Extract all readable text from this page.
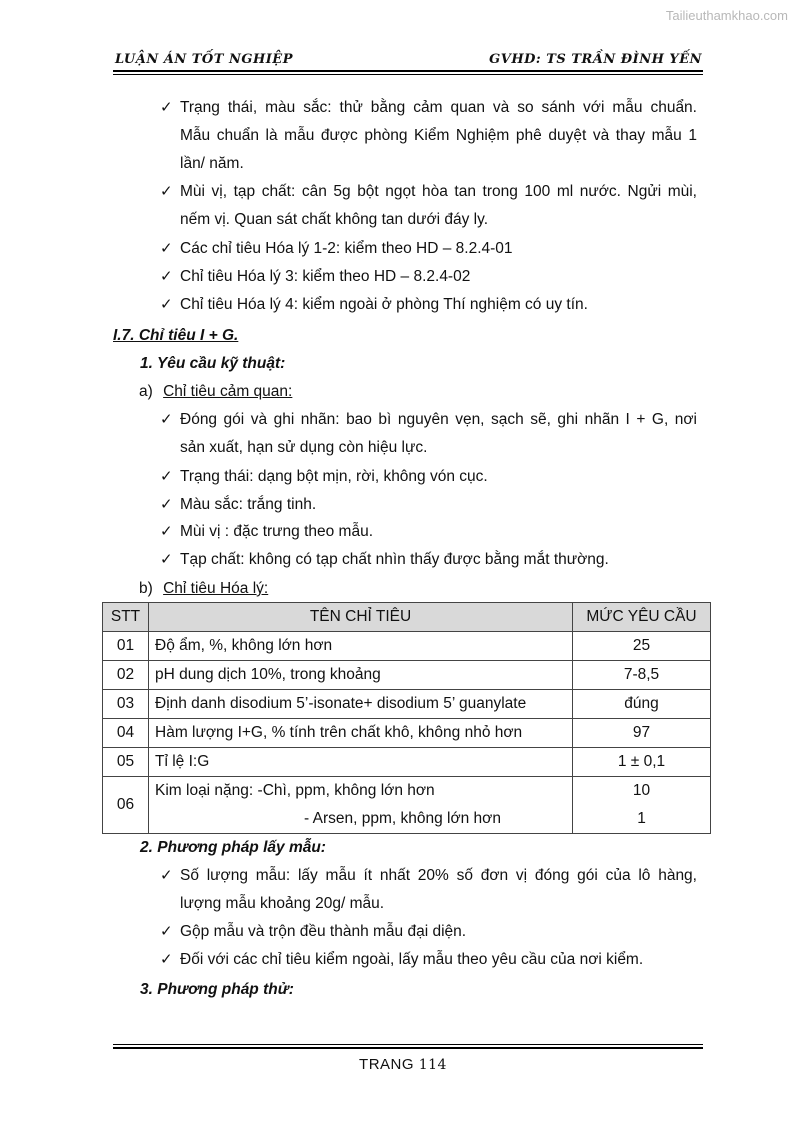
Tailieuthamkhao.com
LUẬN ÁN TỐT NGHIỆP	GVHD: TS TRẦN ĐÌNH YẾN
✓ Trạng thái, màu sắc: thử bằng cảm quan và so sánh với mẫu chuẩn.
Mẫu chuẩn là mẫu được phòng Kiểm Nghiệm phê duyệt và thay mẫu 1
lần/ năm.
✓ Mùi vị, tạp chất: cân 5g bột ngọt hòa tan trong 100 ml nước. Ngửi mùi,
nếm vị. Quan sát chất không tan dưới đáy ly.
✓ Các chỉ tiêu Hóa lý 1-2: kiểm theo HD – 8.2.4-01
✓ Chỉ tiêu Hóa lý 3: kiểm theo HD – 8.2.4-02
✓ Chỉ tiêu Hóa lý 4: kiểm ngoài ở phòng Thí nghiệm có uy tín.
I.7. Chỉ tiêu I + G.
1. Yêu cầu kỹ thuật:
a) Chỉ tiêu cảm quan:
✓ Đóng gói và ghi nhãn: bao bì nguyên vẹn, sạch sẽ, ghi nhãn I + G, nơi
sản xuất, hạn sử dụng còn hiệu lực.
✓ Trạng thái: dạng bột mịn, rời, không vón cục.
✓ Màu sắc: trắng tinh.
✓ Mùi vị : đặc trưng theo mẫu.
✓ Tạp chất: không có tạp chất nhìn thấy được bằng mắt thường.
b) Chỉ tiêu Hóa lý:
STT	TÊN CHỈ TIÊU	MỨC YÊU CẦU
01	Độ ẩm, %, không lớn hơn	25
02	pH dung dịch 10%, trong khoảng	7-8,5
03	Định danh disodium 5’-isonate+ disodium 5’ guanylate	đúng
04	Hàm lượng I+G, % tính trên chất khô, không nhỏ hơn	97
05	Tỉ lệ I:G	1 ± 0,1
06	Kim loại nặng: -Chì, ppm, không lớn hơn	10
	- Arsen, ppm, không lớn hơn	1
2. Phương pháp lấy mẫu:
✓ Số lượng mẫu: lấy mẫu ít nhất 20% số đơn vị đóng gói của lô hàng,
lượng mẫu khoảng 20g/ mẫu.
✓ Gộp mẫu và trộn đều thành mẫu đại diện.
✓ Đối với các chỉ tiêu kiểm ngoài, lấy mẫu theo yêu cầu của nơi kiểm.
3. Phương pháp thử:
TRANG 114
